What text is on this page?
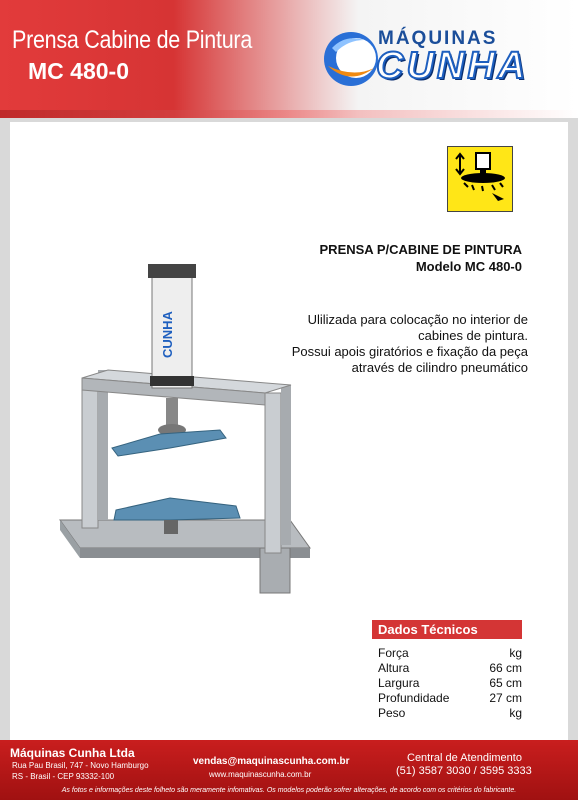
Prensa Cabine de Pintura
MC 480-0
MÁQUINAS
CUNHA
PRENSA P/CABINE DE PINTURA
Modelo MC 480-0
Ulilizada para colocação no interior de
cabines de pintura.
Possui apois giratórios e fixação da peça
através de cilindro pneumático
CUNHA
Dados Técnicos
Força	kg
Altura	66 cm
Largura	65 cm
Profundidade	27 cm
Peso	kg
Máquinas Cunha Ltda
Rua Pau Brasil, 747 - Novo Hamburgo
RS - Brasil - CEP 93332-100
vendas@maquinascunha.com.br
www.maquinascunha.com.br
Central de Atendimento
(51) 3587 3030 / 3595 3333
As fotos e informações deste folheto são meramente infomativas. Os modelos poderão sofrer alterações, de acordo com os critérios do fabricante.
